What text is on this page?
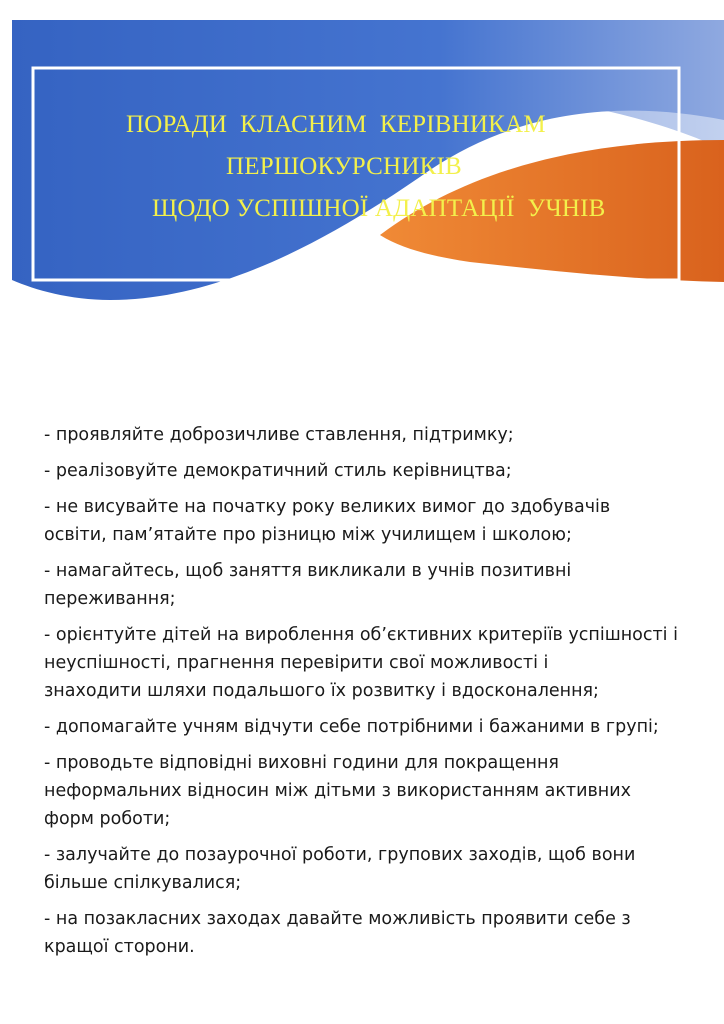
ПОРАДИ  КЛАСНИМ  КЕРІВНИКАМ
ПЕРШОКУРСНИКІВ
ЩОДО УСПІШНОЇ АДАПТАЦІЇ  УЧНІВ
- проявляйте доброзичливе ставлення, підтримку;
- реалізовуйте демократичний стиль керівництва;
- не висувайте на початку року великих вимог до здобувачів
освіти, пам’ятайте про різницю між училищем і школою;
- намагайтесь, щоб заняття викликали в учнів позитивні
переживання;
- орієнтуйте дітей на вироблення об’єктивних критеріїв успішності і
неуспішності, прагнення перевірити свої можливості і
знаходити шляхи подальшого їх розвитку і вдосконалення;
- допомагайте учням відчути себе потрібними і бажаними в групі;
- проводьте відповідні виховні години для покращення
неформальних відносин між дітьми з використанням активних
форм роботи;
- залучайте до позаурочної роботи, групових заходів, щоб вони
більше спілкувалися;
- на позакласних заходах давайте можливість проявити себе з
кращої сторони.
